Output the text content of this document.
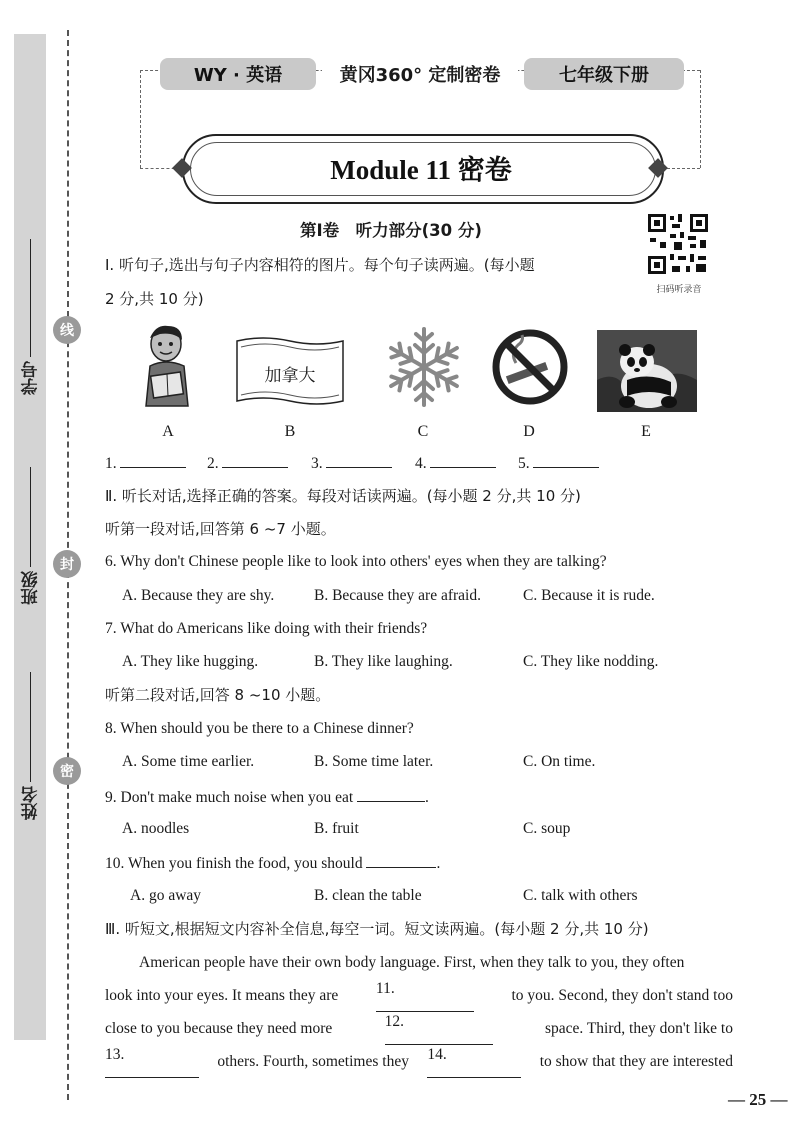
学号
班级
姓名
线
封
密
WY · 英语	黄冈360° 定制密卷	七年级下册
Module 11 密卷
扫码听录音
第Ⅰ卷　听力部分(30 分)
Ⅰ. 听句子,选出与句子内容相符的图片。每个句子读两遍。(每小题
2 分,共 10 分)
A
加拿大
B	C	D	E
1.	2.	3.	4.	5.
Ⅱ. 听长对话,选择正确的答案。每段对话读两遍。(每小题 2 分,共 10 分)
听第一段对话,回答第 6 ~7 小题。
6. Why don't Chinese people like to look into others' eyes when they are talking?
A. Because they are shy.	B. Because they are afraid.	C. Because it is rude.
7. What do Americans like doing with their friends?
A. They like hugging.	B. They like laughing.	C. They like nodding.
听第二段对话,回答 8 ~10 小题。
8. When should you be there to a Chinese dinner?
A. Some time earlier.	B. Some time later.	C. On time.
9. Don't make much noise when you eat	.
A. noodles	B. fruit	C. soup
10. When you finish the food, you should	.
A. go away	B. clean the table	C. talk with others
Ⅲ. 听短文,根据短文内容补全信息,每空一词。短文读两遍。(每小题 2 分,共 10 分)
American people have their own body language. First, when they talk to you, they often
look into your eyes. It means they are 11.	to you. Second, they don't stand too
close to you because they need more	12.	space. Third, they don't like to
13.	others. Fourth, sometimes they 14.	to show that they are interested
— 25 —
